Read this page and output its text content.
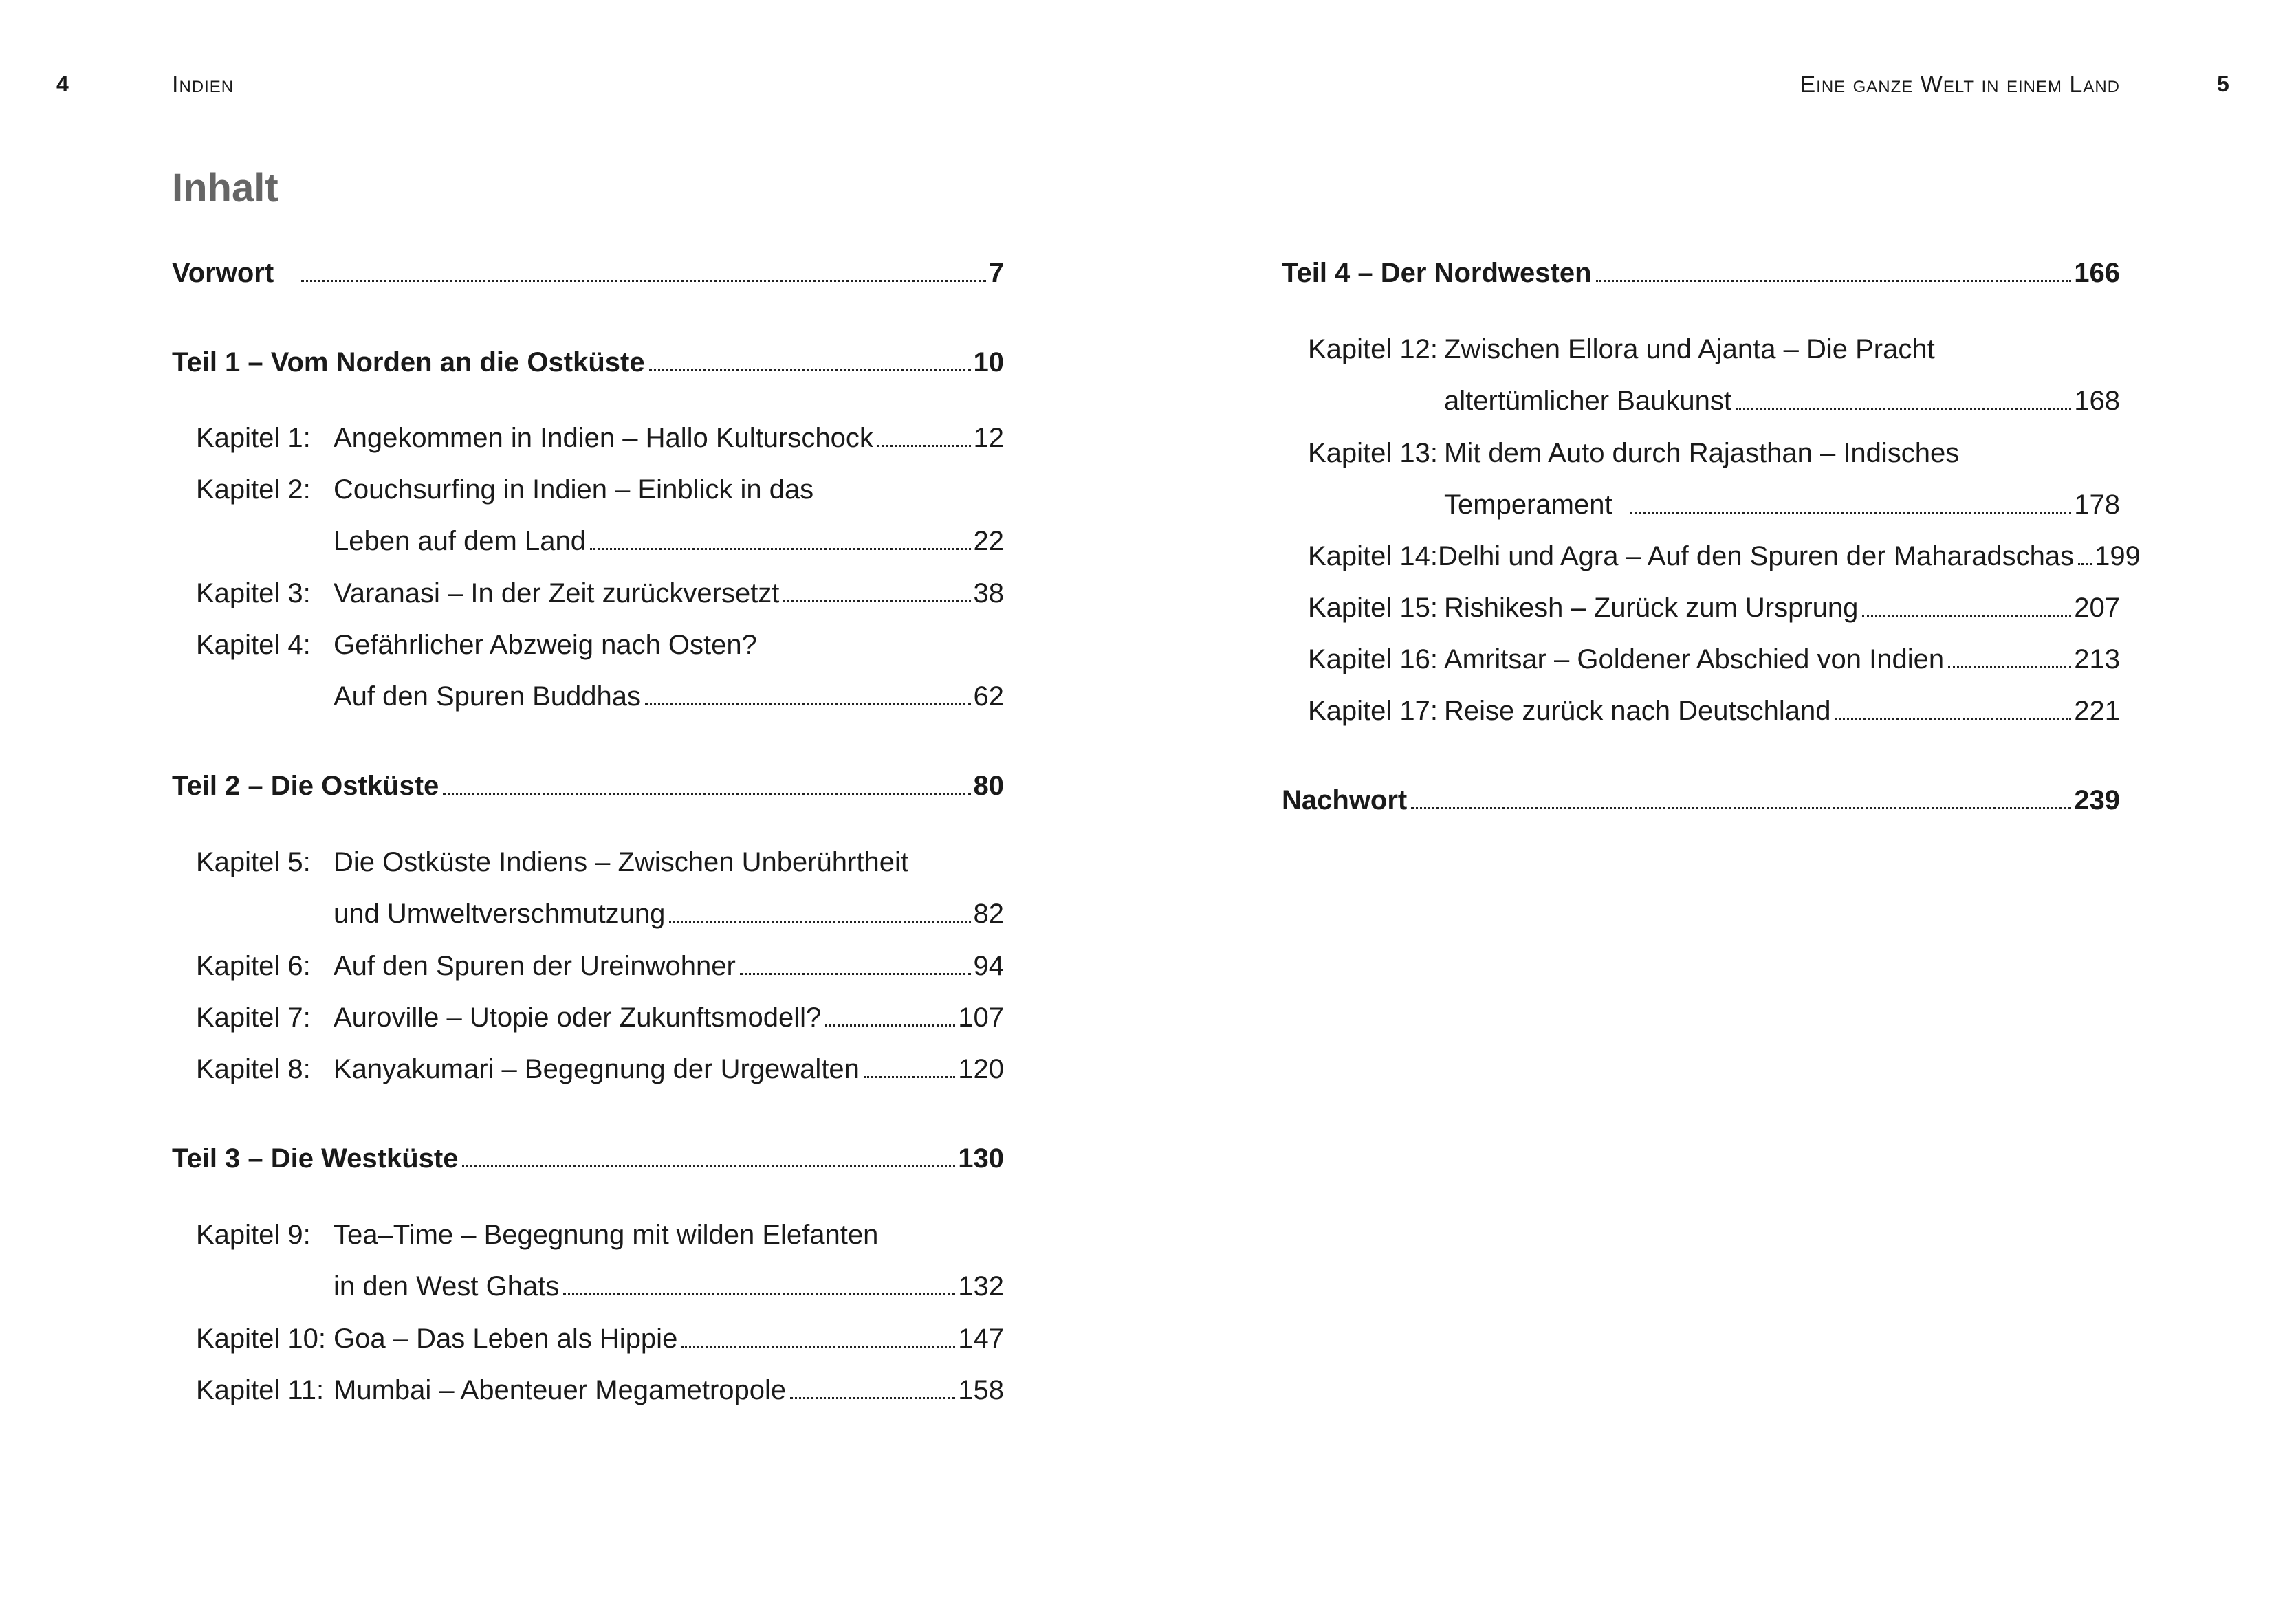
4	Indien	Eine ganze Welt in einem Land	5
Inhalt
Vorwort	7
Teil 1 – Vom Norden an die Ostküste	10
Kapitel 1: Angekommen in Indien – Hallo Kulturschock	12
Kapitel 2: Couchsurfing in Indien – Einblick in das
Leben auf dem Land	22
Kapitel 3: Varanasi – In der Zeit zurückversetzt	38
Kapitel 4: Gefährlicher Abzweig nach Osten?
Auf den Spuren Buddhas	62
Teil 2 – Die Ostküste	80
Kapitel 5: Die Ostküste Indiens – Zwischen Unberührtheit
und Umweltverschmutzung	82
Kapitel 6: Auf den Spuren der Ureinwohner	94
Kapitel 7: Auroville – Utopie oder Zukunftsmodell?	107
Kapitel 8: Kanyakumari – Begegnung der Urgewalten	120
Teil 3 – Die Westküste	130
Kapitel 9: Tea–Time – Begegnung mit wilden Elefanten
in den West Ghats	132
Kapitel 10: Goa – Das Leben als Hippie	147
Kapitel 11: Mumbai – Abenteuer Megametropole	158
Teil 4 – Der Nordwesten	166
Kapitel 12: Zwischen Ellora und Ajanta – Die Pracht
altertümlicher Baukunst	168
Kapitel 13: Mit dem Auto durch Rajasthan – Indisches
Temperament	178
Kapitel 14: Delhi und Agra – Auf den Spuren der Maharadschas 199
Kapitel 15: Rishikesh – Zurück zum Ursprung	207
Kapitel 16: Amritsar – Goldener Abschied von Indien	213
Kapitel 17: Reise zurück nach Deutschland	221
Nachwort	239
